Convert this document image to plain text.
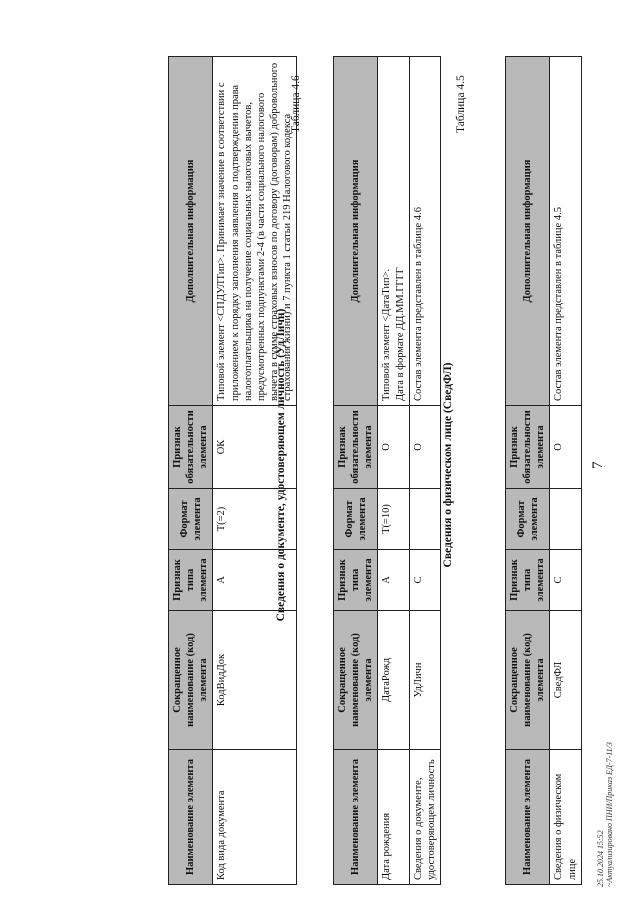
7
Наименование элемента	Сокращенное наименование (код) элемента	Признак типа элемента	Формат элемента	Признак обязательности элемента	Дополнительная информация
Сведения о физическом лице	СведФЛ	С		О	Состав элемента представлен в таблице 4.5
Таблица 4.5
Сведения о физическом лице (СведФЛ)
Наименование элемента	Сокращенное наименование (код) элемента	Признак типа элемента	Формат элемента	Признак обязательности элемента	Дополнительная информация
Дата рождения	ДатаРожд	А	T(=10)	О	Типовой элемент <ДатаТип>. Дата в формате ДД.ММ.ГГГГ

Сведения о документе, удостоверяющем личность	УдЛичн	С		О	Состав элемента представлен в таблице 4.6
Таблица 4.6
Сведения о документе, удостоверяющем личность (УдЛичн)
Наименование элемента	Сокращенное наименование (код) элемента	Признак типа элемента	Формат элемента	Признак обязательности элемента	Дополнительная информация
Код вида документа	КодВидДок	А	T(=2)	ОК	Типовой элемент <СПДУЛТип>. Принимает значение в соответствии с приложением к порядку заполнения заявления о подтверждении права налогоплательщика на получение социальных налоговых вычетов, предусмотренных подпунктами 2-4 (в части социального налогового вычета в сумме страховых взносов по договору (договорам) добровольного страхования жизни) и 7 пункта 1 статьи 219 Налогового кодекса
25.10.2024 15:52 ~Актуализировано ПНИ/Приказ ЕД-7-11/3
